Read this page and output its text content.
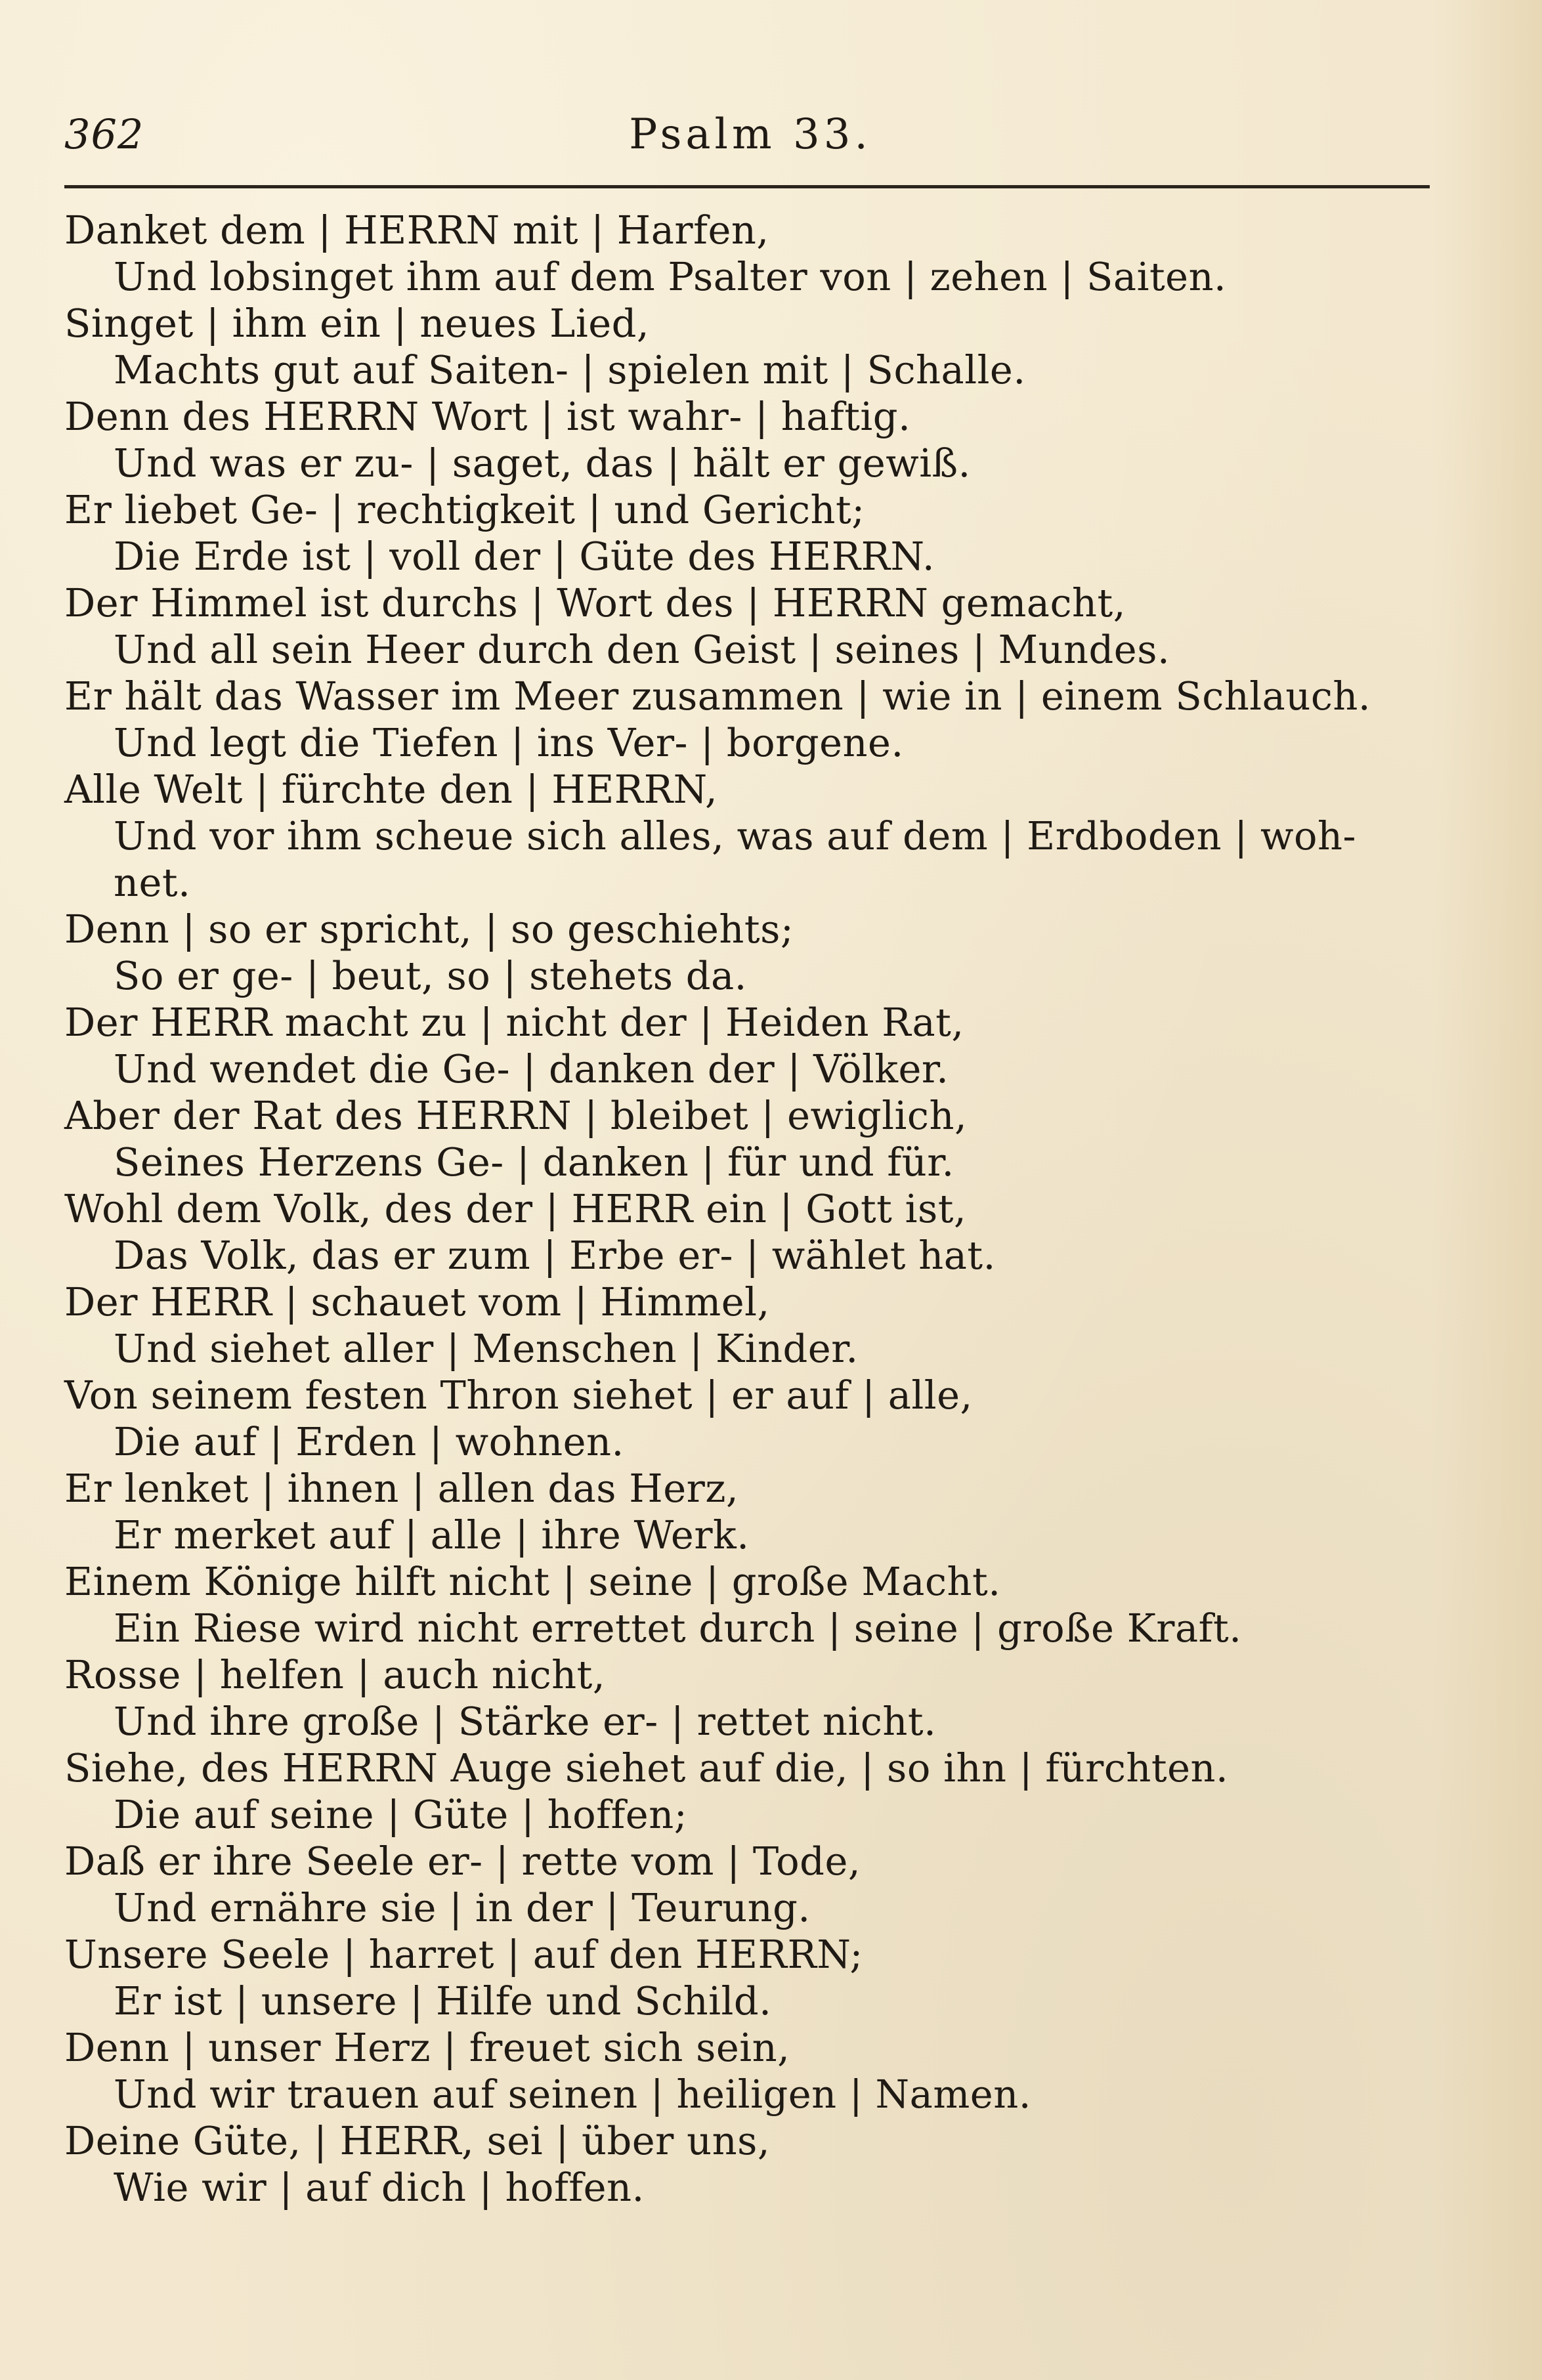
362	Psalm 33.
Danket dem | HERRN mit | Harfen,
Und lobsinget ihm auf dem Psalter von | zehen | Saiten.
Singet | ihm ein | neues Lied,
Machts gut auf Saiten- | spielen mit | Schalle.
Denn des HERRN Wort | ist wahr- | haftig.
Und was er zu- | saget, das | hält er gewiß.
Er liebet Ge- | rechtigkeit | und Gericht;
Die Erde ist | voll der | Güte des HERRN.
Der Himmel ist durchs | Wort des | HERRN gemacht,
Und all sein Heer durch den Geist | seines | Mundes.
Er hält das Wasser im Meer zusammen | wie in | einem Schlauch.
Und legt die Tiefen | ins Ver- | borgene.
Alle Welt | fürchte den | HERRN,
Und vor ihm scheue sich alles, was auf dem | Erdboden | woh-
net.
Denn | so er spricht, | so geschiehts;
So er ge- | beut, so | stehets da.
Der HERR macht zu | nicht der | Heiden Rat,
Und wendet die Ge- | danken der | Völker.
Aber der Rat des HERRN | bleibet | ewiglich,
Seines Herzens Ge- | danken | für und für.
Wohl dem Volk, des der | HERR ein | Gott ist,
Das Volk, das er zum | Erbe er- | wählet hat.
Der HERR | schauet vom | Himmel,
Und siehet aller | Menschen | Kinder.
Von seinem festen Thron siehet | er auf | alle,
Die auf | Erden | wohnen.
Er lenket | ihnen | allen das Herz,
Er merket auf | alle | ihre Werk.
Einem Könige hilft nicht | seine | große Macht.
Ein Riese wird nicht errettet durch | seine | große Kraft.
Rosse | helfen | auch nicht,
Und ihre große | Stärke er- | rettet nicht.
Siehe, des HERRN Auge siehet auf die, | so ihn | fürchten.
Die auf seine | Güte | hoffen;
Daß er ihre Seele er- | rette vom | Tode,
Und ernähre sie | in der | Teurung.
Unsere Seele | harret | auf den HERRN;
Er ist | unsere | Hilfe und Schild.
Denn | unser Herz | freuet sich sein,
Und wir trauen auf seinen | heiligen | Namen.
Deine Güte, | HERR, sei | über uns,
Wie wir | auf dich | hoffen.
